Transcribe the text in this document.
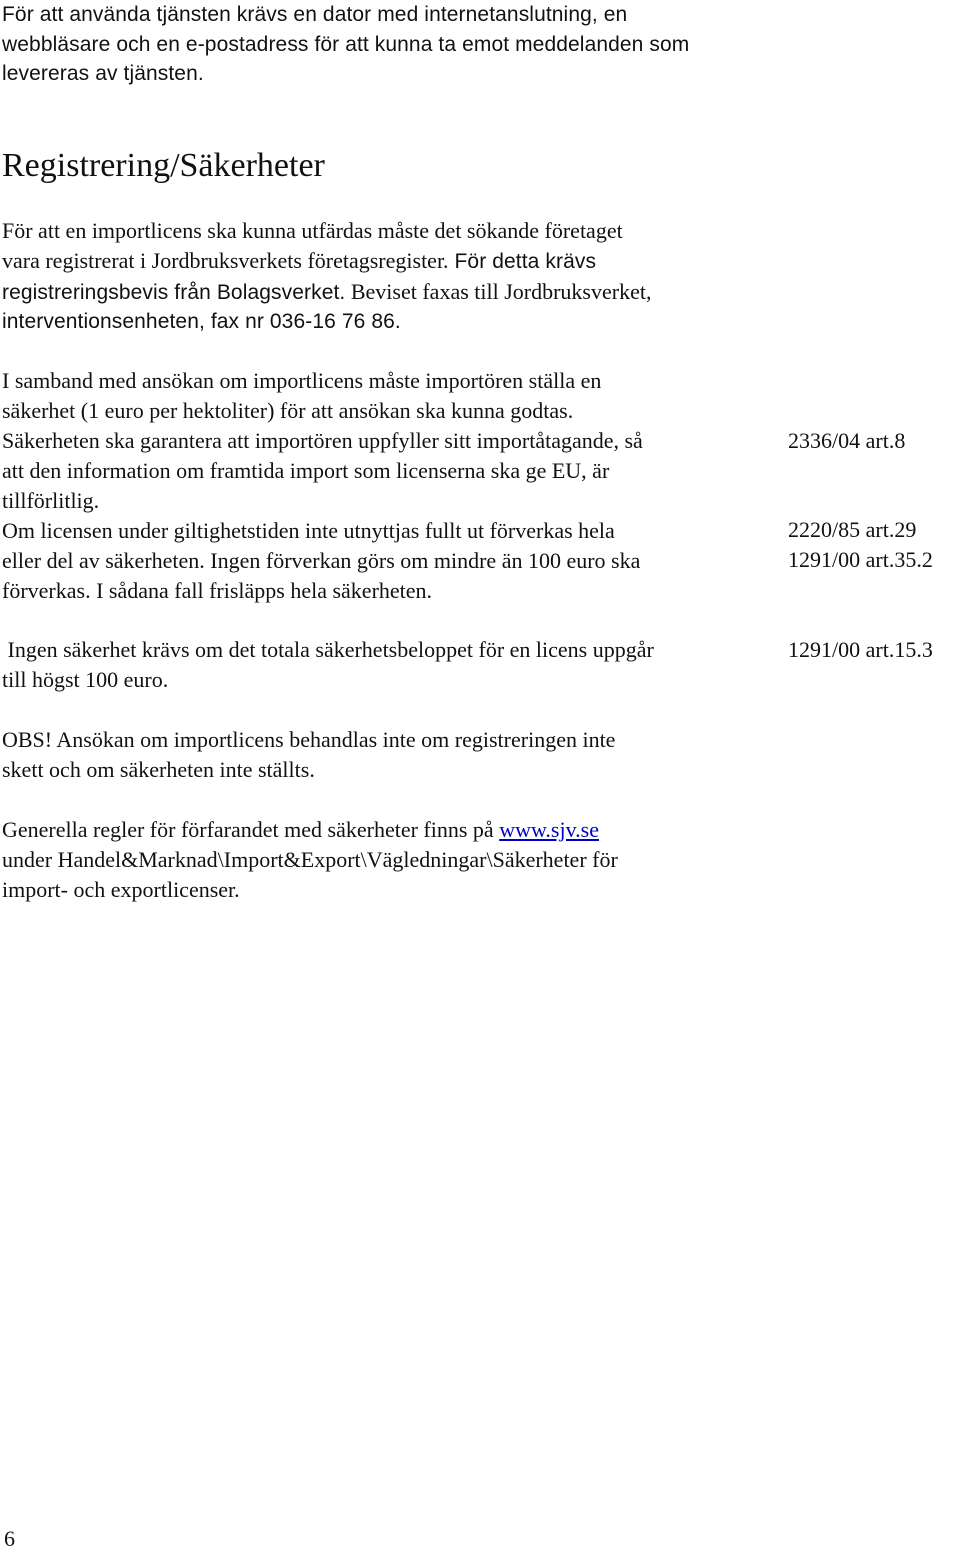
För att använda tjänsten krävs en dator med internetanslutning, en
webbläsare och en e-postadress för att kunna ta emot meddelanden som
levereras av tjänsten.
Registrering/Säkerheter
För att en importlicens ska kunna utfärdas måste det sökande företaget
vara registrerat i Jordbruksverkets företagsregister. För detta krävs
registreringsbevis från Bolagsverket. Beviset faxas till Jordbruksverket,
interventionsenheten, fax nr 036-16 76 86.
I samband med ansökan om importlicens måste importören ställa en
säkerhet (1 euro per hektoliter) för att ansökan ska kunna godtas.
Säkerheten ska garantera att importören uppfyller sitt importåtagande, så
att den information om framtida import som licenserna ska ge EU, är
tillförlitlig.
Om licensen under giltighetstiden inte utnyttjas fullt ut förverkas hela
eller del av säkerheten. Ingen förverkan görs om mindre än 100 euro ska
förverkas. I sådana fall frisläpps hela säkerheten.
Ingen säkerhet krävs om det totala säkerhetsbeloppet för en licens uppgår
till högst 100 euro.
OBS! Ansökan om importlicens behandlas inte om registreringen inte
skett och om säkerheten inte ställts.
Generella regler för förfarandet med säkerheter finns på www.sjv.se
under Handel&Marknad\Import&Export\Vägledningar\Säkerheter för
import- och exportlicenser.
2336/04 art.8
2220/85 art.29
1291/00 art.35.2
1291/00 art.15.3
6
